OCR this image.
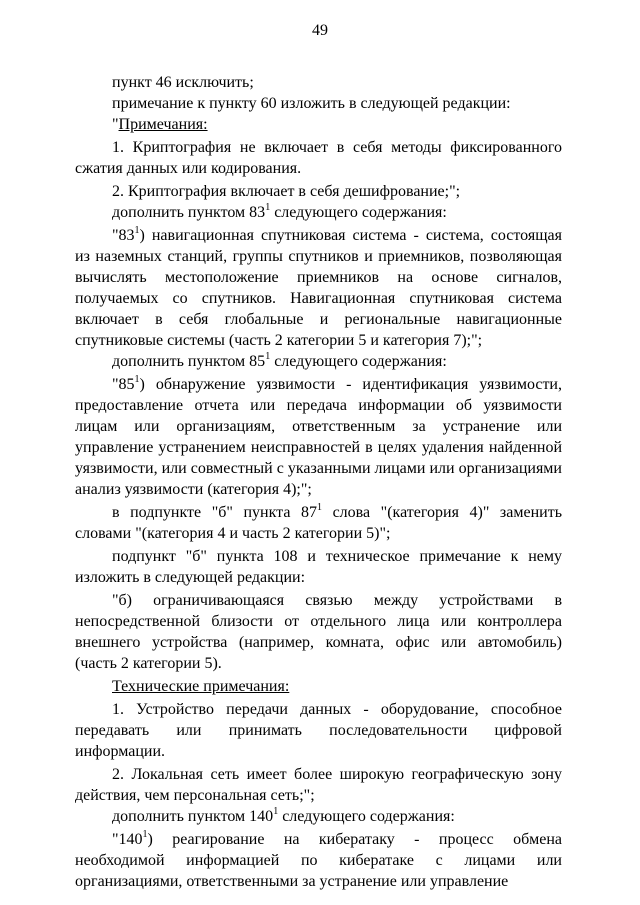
49

пункт 46 исключить;

примечание к пункту 60 изложить в следующей редакции:

"Примечания:

1. Криптография не включает в себя методы фиксированного сжатия данных или кодирования.

2. Криптография включает в себя дешифрование;";

дополнить пунктом $83^1$ следующего содержания:

"$83^1$) навигационная спутниковая система - система, состоящая из наземных станций, группы спутников и приемников, позволяющая вычислять местоположение приемников на основе сигналов, получаемых со спутников. Навигационная спутниковая система включает в себя глобальные и региональные навигационные спутниковые системы (часть 2 категории 5 и категория 7);";

дополнить пунктом $85^1$ следующего содержания:

"$85^1$) обнаружение уязвимости - идентификация уязвимости, предоставление отчета или передача информации об уязвимости лицам или организациям, ответственным за устранение или управление устранением неисправностей в целях удаления найденной уязвимости, или совместный с указанными лицами или организациями анализ уязвимости (категория 4);";

в подпункте "б" пункта $87^1$ слова "(категория 4)" заменить словами "(категория 4 и часть 2 категории 5)";

подпункт "б" пункта 108 и техническое примечание к нему изложить в следующей редакции:

"б) ограничивающаяся связью между устройствами в непосредственной близости от отдельного лица или контроллера внешнего устройства (например, комната, офис или автомобиль) (часть 2 категории 5).

Технические примечания:

1. Устройство передачи данных - оборудование, способное передавать или принимать последовательности цифровой информации.

2. Локальная сеть имеет более широкую географическую зону действия, чем персональная сеть;";

дополнить пунктом $140^1$ следующего содержания:

"$140^1$) реагирование на кибератаку - процесс обмена необходимой информацией по кибератаке с лицами или организациями, ответственными за устранение или управление
